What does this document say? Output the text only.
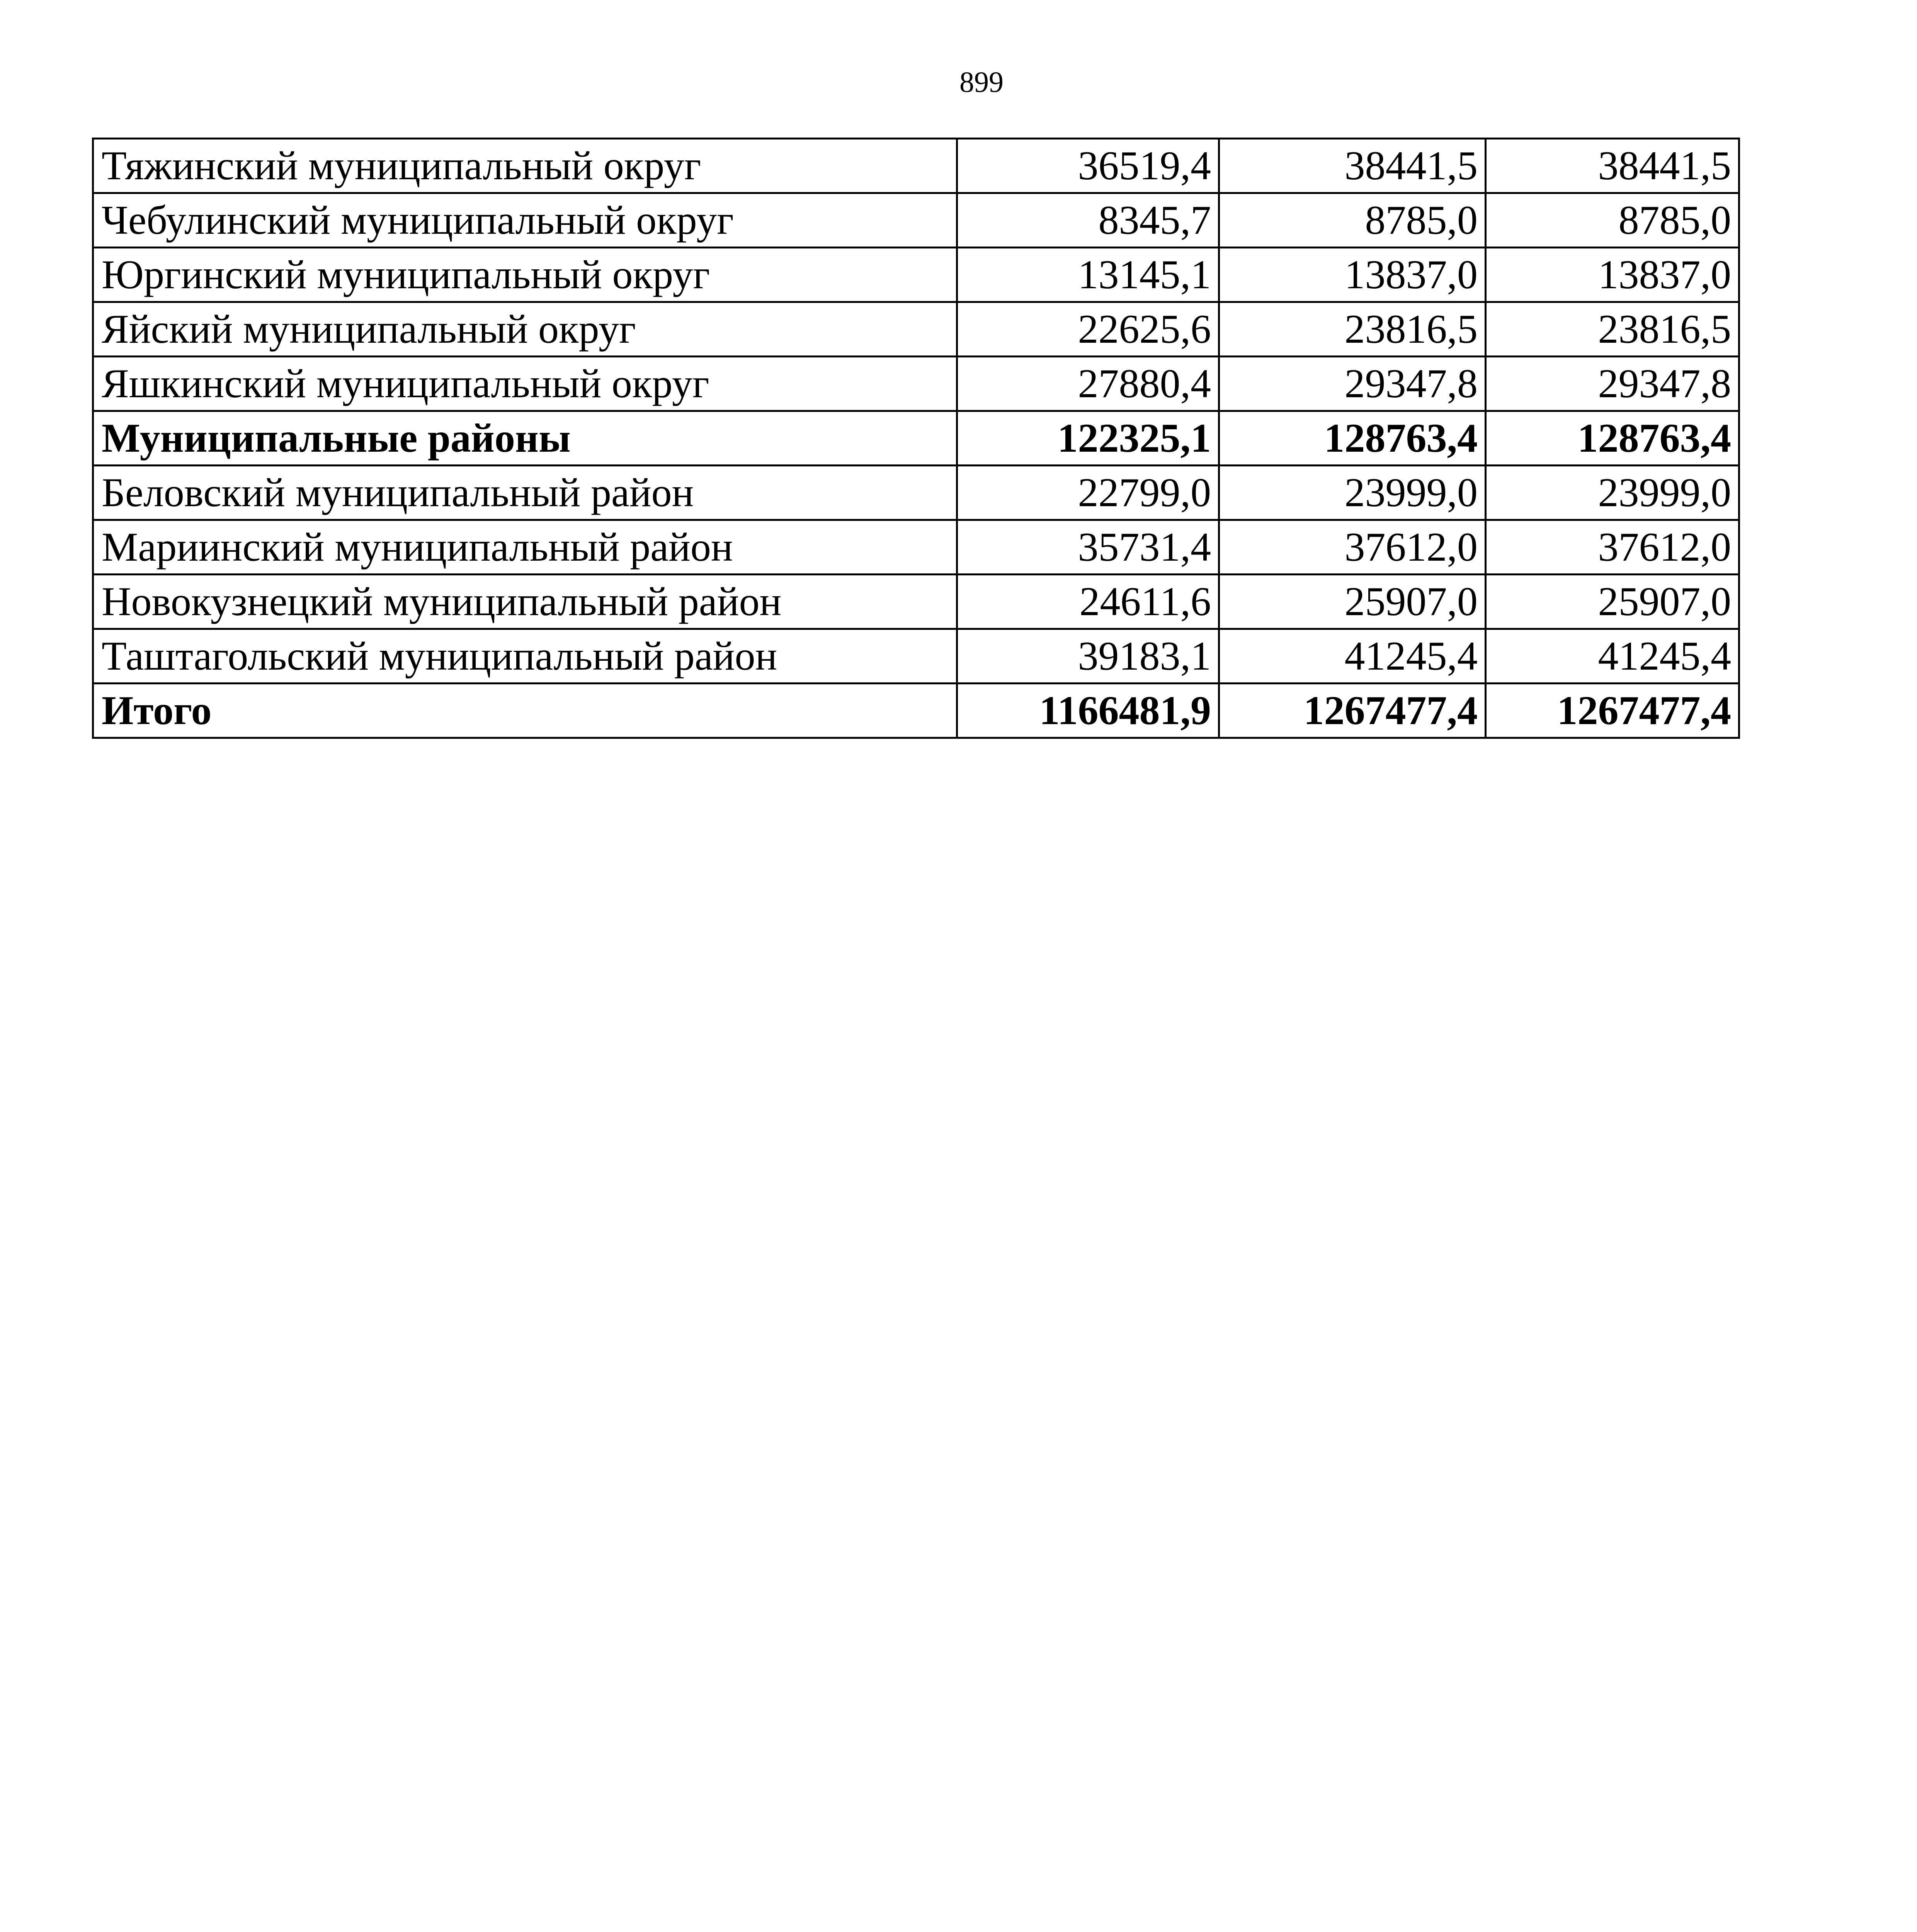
899
Тяжинский муниципальный округ	36519,4	38441,5	38441,5
Чебулинский муниципальный округ	8345,7	8785,0	8785,0
Юргинский муниципальный округ	13145,1	13837,0	13837,0
Яйский муниципальный округ	22625,6	23816,5	23816,5
Яшкинский муниципальный округ	27880,4	29347,8	29347,8
Муниципальные районы	122325,1	128763,4	128763,4
Беловский муниципальный район	22799,0	23999,0	23999,0
Мариинский муниципальный район	35731,4	37612,0	37612,0
Новокузнецкий муниципальный район	24611,6	25907,0	25907,0
Таштагольский муниципальный район	39183,1	41245,4	41245,4
Итого	1166481,9	1267477,4	1267477,4
